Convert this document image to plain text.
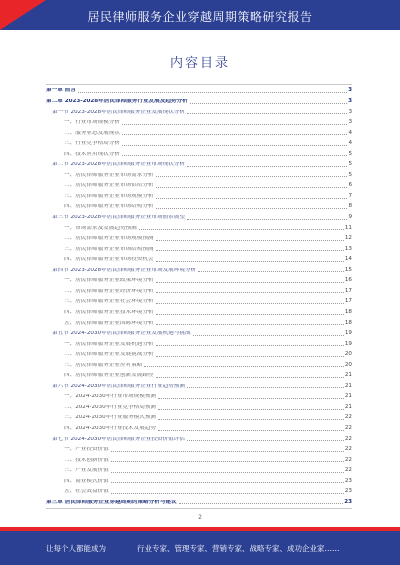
居民律师服务企业穿越周期策略研究报告
内容目录
第一章 前言	3
第二章 2023-2028年居民律师服务行业发展及趋势分析	3
第一节 2023-2028年居民律师服务企业发展现状分析	3
一、行业市场规模分析	3
二、服务业态发展现状	4
三、行业竞争格局分析	4
四、技术应用现状分析	5
第二节 2023-2028年居民律师服务企业市场现状分析	5
一、居民律师服务企业市场需求分析	5
二、居民律师服务企业市场供给分析	6
三、居民律师服务企业市场规模分析	7
四、居民律师服务企业市场结构分析	8
第三节 2023-2028年居民律师服务企业市场前景展望	9
一、市场需求及发展趋势预测	11
二、居民律师服务企业市场规模预测	12
三、居民律师服务企业市场结构预测	13
四、居民律师服务企业市场投资机会	14
第四节 2023-2028年居民律师服务企业市场发展环境分析	15
一、居民律师服务企业政策环境分析	16
二、居民律师服务企业经济环境分析	17
三、居民律师服务企业社会环境分析	17
四、居民律师服务企业技术环境分析	18
五、居民律师服务企业国际环境分析	18
第五节 2024-2030年居民律师服务企业发展机遇与挑战	19
一、居民律师服务企业发展机遇分析	19
二、居民律师服务企业发展挑战分析	20
三、居民律师服务企业应对策略	20
四、居民律师服务企业创新发展路径	21
第六节 2024-2030年居民律师服务企业行业趋势预测	21
一、2024-2030年行业市场规模预测	21
二、2024-2030年行业竞争格局预测	21
三、2024-2030年行业服务模式预测	22
四、2024-2030年行业技术发展趋势	22
第七节 2024-2030年居民律师服务企业投资价值评估	22
一、产业投资价值	22
二、技术创新价值	22
三、产业发展价值	22
四、商业模式价值	23
五、社会效益价值	23
第三章 居民律师服务企业穿越周期的策略分析与建议	23
2
让每个人都能成为	行业专家、管理专家、营销专家、战略专家、成功企业家……
